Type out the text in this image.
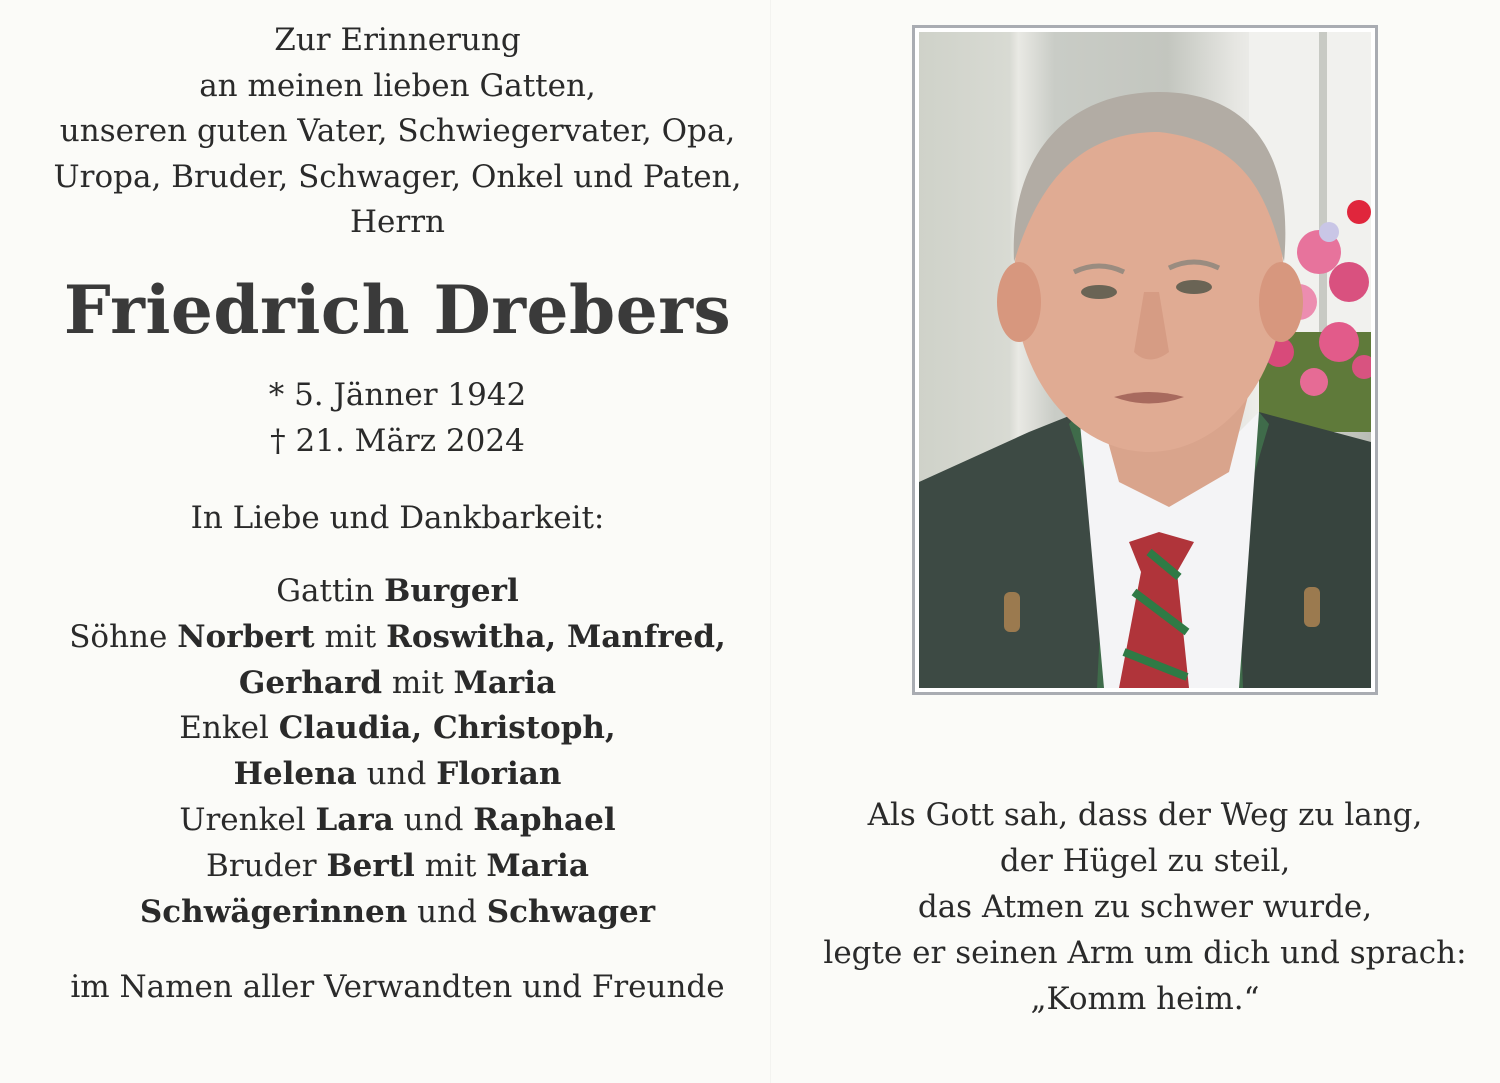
Zur Erinnerung
an meinen lieben Gatten,
unseren guten Vater, Schwiegervater, Opa,
Uropa, Bruder, Schwager, Onkel und Paten,
Herrn
Friedrich Drebers
* 5. Jänner 1942
† 21. März 2024
In Liebe und Dankbarkeit:
Gattin Burgerl
Söhne Norbert mit Roswitha, Manfred,
Gerhard mit Maria
Enkel Claudia, Christoph,
Helena und Florian
Urenkel Lara und Raphael
Bruder Bertl mit Maria
Schwägerinnen und Schwager
im Namen aller Verwandten und Freunde
Als Gott sah, dass der Weg zu lang,
der Hügel zu steil,
das Atmen zu schwer wurde,
legte er seinen Arm um dich und sprach:
„Komm heim.“
